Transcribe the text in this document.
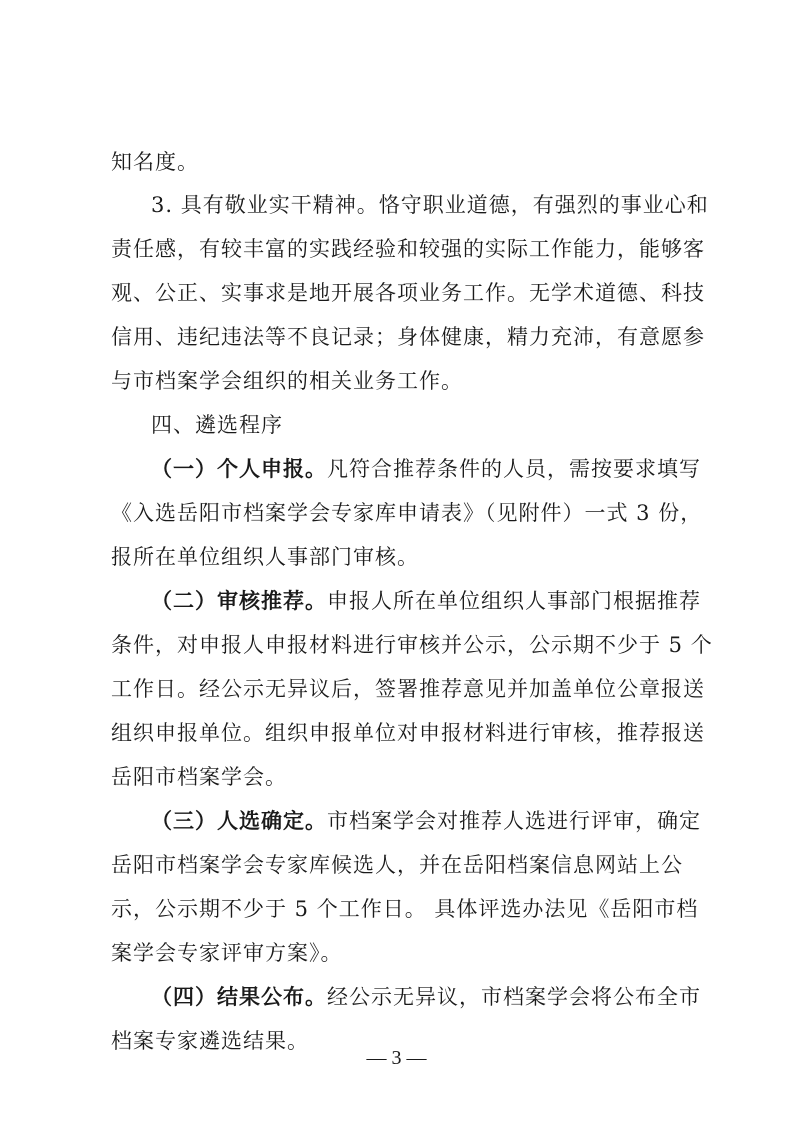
知名度。
3. 具有敬业实干精神。恪守职业道德，有强烈的事业心和
责任感，有较丰富的实践经验和较强的实际工作能力，能够客
观、公正、实事求是地开展各项业务工作。无学术道德、科技
信用、违纪违法等不良记录；身体健康，精力充沛，有意愿参
与市档案学会组织的相关业务工作。
四、遴选程序
（一）个人申报。凡符合推荐条件的人员，需按要求填写
《入选岳阳市档案学会专家库申请表》（见附件）一式 3 份，
报所在单位组织人事部门审核。
（二）审核推荐。申报人所在单位组织人事部门根据推荐
条件，对申报人申报材料进行审核并公示，公示期不少于 5 个
工作日。经公示无异议后，签署推荐意见并加盖单位公章报送
组织申报单位。组织申报单位对申报材料进行审核，推荐报送
岳阳市档案学会。
（三）人选确定。市档案学会对推荐人选进行评审，确定
岳阳市档案学会专家库候选人，并在岳阳档案信息网站上公
示，公示期不少于 5 个工作日。 具体评选办法见《岳阳市档
案学会专家评审方案》。
（四）结果公布。经公示无异议，市档案学会将公布全市
档案专家遴选结果。
— 3 —
